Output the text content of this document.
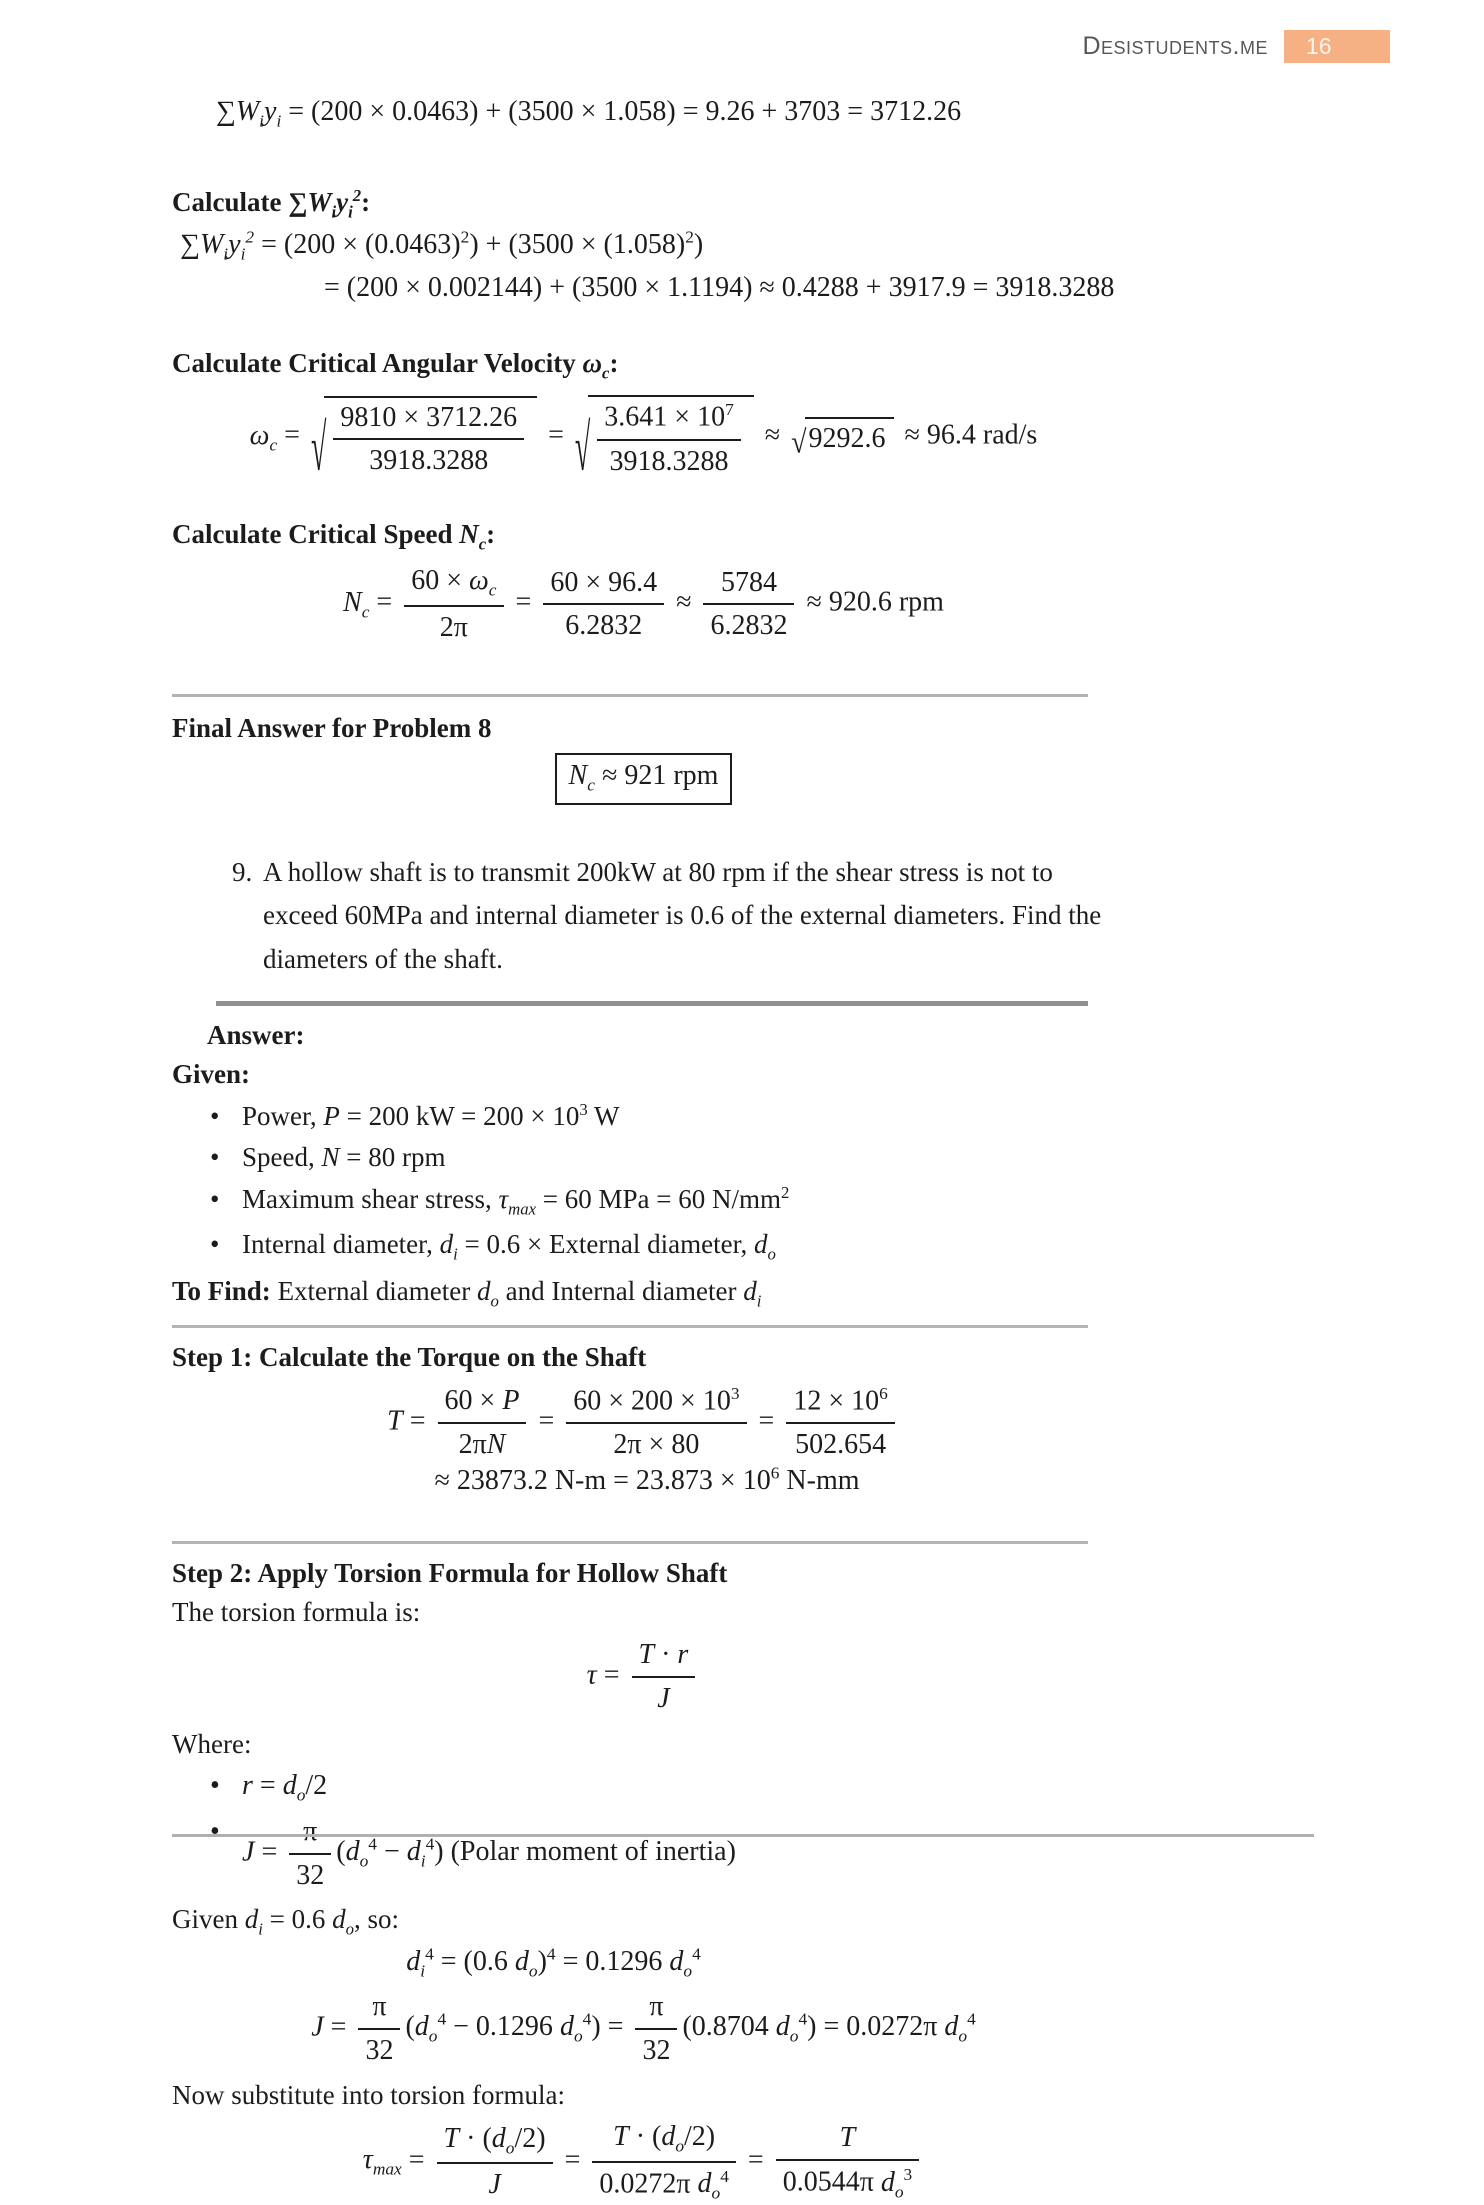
Desistudents.me 16
$\sum W_iy_i = (200 \times 0.0463) + (3500 \times 1.058) = 9.26 + 3703 = 3712.26$
Calculate $\sum W_iy_i^2$:
$\sum W_iy_i^2 = (200 \times (0.0463)^2) + (3500 \times (1.058)^2)$
= (200 × 0.002144) + (3500 × 1.1194) ≈ 0.4288 + 3917.9 = 3918.3288
Calculate Critical Angular Velocity $\omega_c$:
$\omega_c$ = √ $\frac{9810 \times 3712.26}{3918.3288}$ = √ $\frac{3.641 \times 10^7}{3918.3288}$ ≈ √ 9292.6 ≈ 96.4 rad/s
Calculate Critical Speed $N_c$:
$N_c = \frac{60 \times \omega_c}{2\pi} = \frac{60 \times 96.4}{6.2832} \approx \frac{5784}{6.2832} \approx 920.6$ rpm
Final Answer for Problem 8
$N_c \approx 921$ rpm
9. A hollow shaft is to transmit 200kW at 80 rpm if the shear stress is not to exceed 60MPa and internal diameter is 0.6 of the external diameters. Find the diameters of the shaft.

Answer:

Given:

• Power, P = 200 kW = $200 \times 10^3$ W
• Speed, N = 80 rpm
• Maximum shear stress, $\tau_{max} = 60$ MPa = 60 $N/mm^2$
• Internal diameter, $d_i = 0.6$ × External diameter, $d_o$

To Find: External diameter $d_o$ and Internal diameter $d_i$

Step 1: Calculate the Torque on the Shaft
$T = \frac{60 \times P}{2\pi N} = \frac{60 \times 200 \times 10^3}{2\pi \times 80} = \frac{12 \times 10^6}{502.654}$
≈ 23873.2 $N-m = 23.873 \times 10^6$ N-mm
Step 2: Apply Torsion Formula for Hollow Shaft

The torsion formula is:

$\tau = \frac{T \cdot r}{J}$

Where:

• $r = d_o/2$
• $J = \frac{\pi}{32} (d_o^4 - d_i^4)$ (Polar moment of inertia)

Given $d_i = 0.6$ $d_o$, so:

$d_i^4 = (0.6$ $d_o)^4 = 0.1296$ $d_o^4$
$J = \frac{\pi}{32} (d_o^4 - 0.1296$ $d_o^4) = \frac{\pi}{32} (0.8704$ $d_o^4) = 0.0272\pi$ $d_o^4$

Now substitute into torsion formula:

$\tau_{max} = \frac{T \cdot (d_o/2)}{J} = \frac{T \cdot (d_o/2)}{0.0272\pi d_o^4} = \frac{T}{0.0544\pi d_o^3}$
